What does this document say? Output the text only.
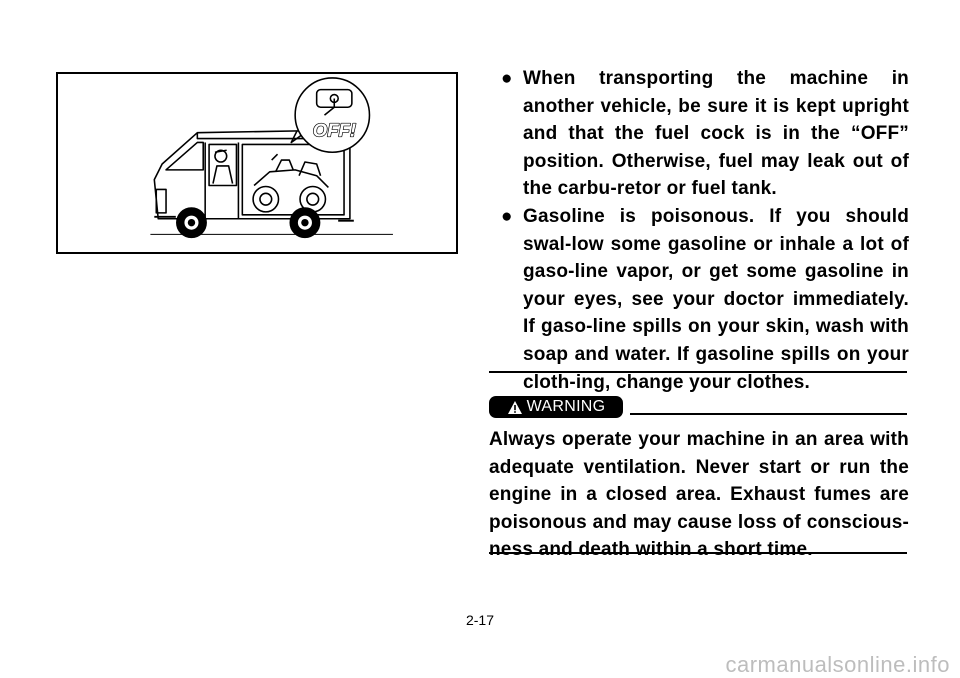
OFF!
● When transporting the machine in another vehicle, be sure it is kept upright and that the fuel cock is in the “OFF” position. Otherwise, fuel may leak out of the carbu-retor or fuel tank.
● Gasoline is poisonous. If you should swal-low some gasoline or inhale a lot of gaso-line vapor, or get some gasoline in your eyes, see your doctor immediately. If gaso-line spills on your skin, wash with soap and water. If gasoline spills on your cloth-ing, change your clothes.
WARNING
Always operate your machine in an area with adequate ventilation. Never start or run the engine in a closed area. Exhaust fumes are poisonous and may cause loss of conscious-ness and death within a short time.
2-17
carmanualsonline.info
